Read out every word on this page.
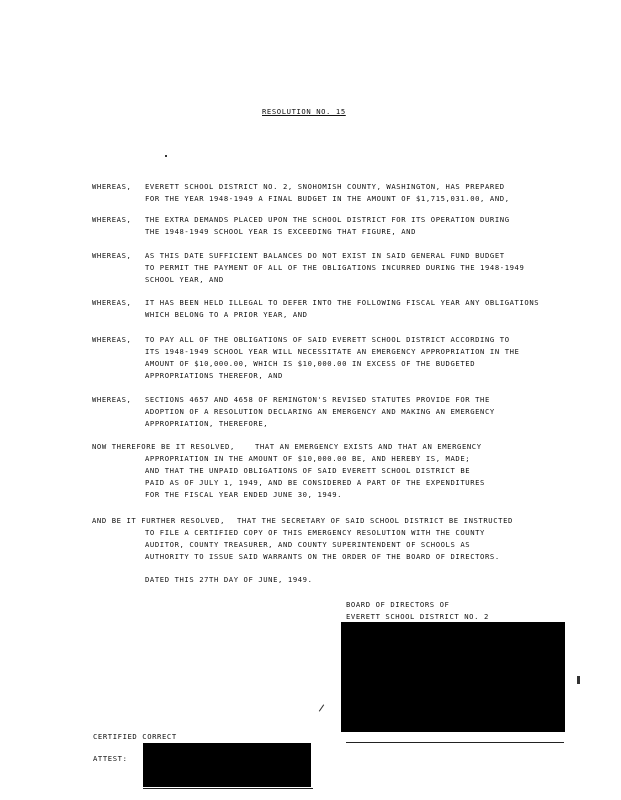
RESOLUTION NO. 15
WHEREAS, EVERETT SCHOOL DISTRICT NO. 2, SNOHOMISH COUNTY, WASHINGTON, HAS PREPARED
FOR THE YEAR 1948-1949 A FINAL BUDGET IN THE AMOUNT OF $1,715,031.00, AND,
WHEREAS, THE EXTRA DEMANDS PLACED UPON THE SCHOOL DISTRICT FOR ITS OPERATION DURING
THE 1948-1949 SCHOOL YEAR IS EXCEEDING THAT FIGURE, AND
WHEREAS, AS THIS DATE SUFFICIENT BALANCES DO NOT EXIST IN SAID GENERAL FUND BUDGET
TO PERMIT THE PAYMENT OF ALL OF THE OBLIGATIONS INCURRED DURING THE 1948-1949
SCHOOL YEAR, AND
WHEREAS, IT HAS BEEN HELD ILLEGAL TO DEFER INTO THE FOLLOWING FISCAL YEAR ANY OBLIGATIONS
WHICH BELONG TO A PRIOR YEAR, AND
WHEREAS, TO PAY ALL OF THE OBLIGATIONS OF SAID EVERETT SCHOOL DISTRICT ACCORDING TO
ITS 1948-1949 SCHOOL YEAR WILL NECESSITATE AN EMERGENCY APPROPRIATION IN THE
AMOUNT OF $10,000.00, WHICH IS $10,000.00 IN EXCESS OF THE BUDGETED
APPROPRIATIONS THEREFOR, AND
WHEREAS, SECTIONS 4657 AND 4658 OF REMINGTON'S REVISED STATUTES PROVIDE FOR THE
ADOPTION OF A RESOLUTION DECLARING AN EMERGENCY AND MAKING AN EMERGENCY
APPROPRIATION, THEREFORE,
NOW THEREFORE BE IT RESOLVED,	THAT AN EMERGENCY EXISTS AND THAT AN EMERGENCY
APPROPRIATION IN THE AMOUNT OF $10,000.00 BE, AND HEREBY IS, MADE;
AND THAT THE UNPAID OBLIGATIONS OF SAID EVERETT SCHOOL DISTRICT BE
PAID AS OF JULY 1, 1949, AND BE CONSIDERED A PART OF THE EXPENDITURES
FOR THE FISCAL YEAR ENDED JUNE 30, 1949.
AND BE IT FURTHER RESOLVED, THAT THE SECRETARY OF SAID SCHOOL DISTRICT BE INSTRUCTED
TO FILE A CERTIFIED COPY OF THIS EMERGENCY RESOLUTION WITH THE COUNTY
AUDITOR, COUNTY TREASURER, AND COUNTY SUPERINTENDENT OF SCHOOLS AS
AUTHORITY TO ISSUE SAID WARRANTS ON THE ORDER OF THE BOARD OF DIRECTORS.
DATED THIS 27TH DAY OF JUNE, 1949.
BOARD OF DIRECTORS OF
EVERETT SCHOOL DISTRICT NO. 2
CERTIFIED CORRECT
ATTEST:
